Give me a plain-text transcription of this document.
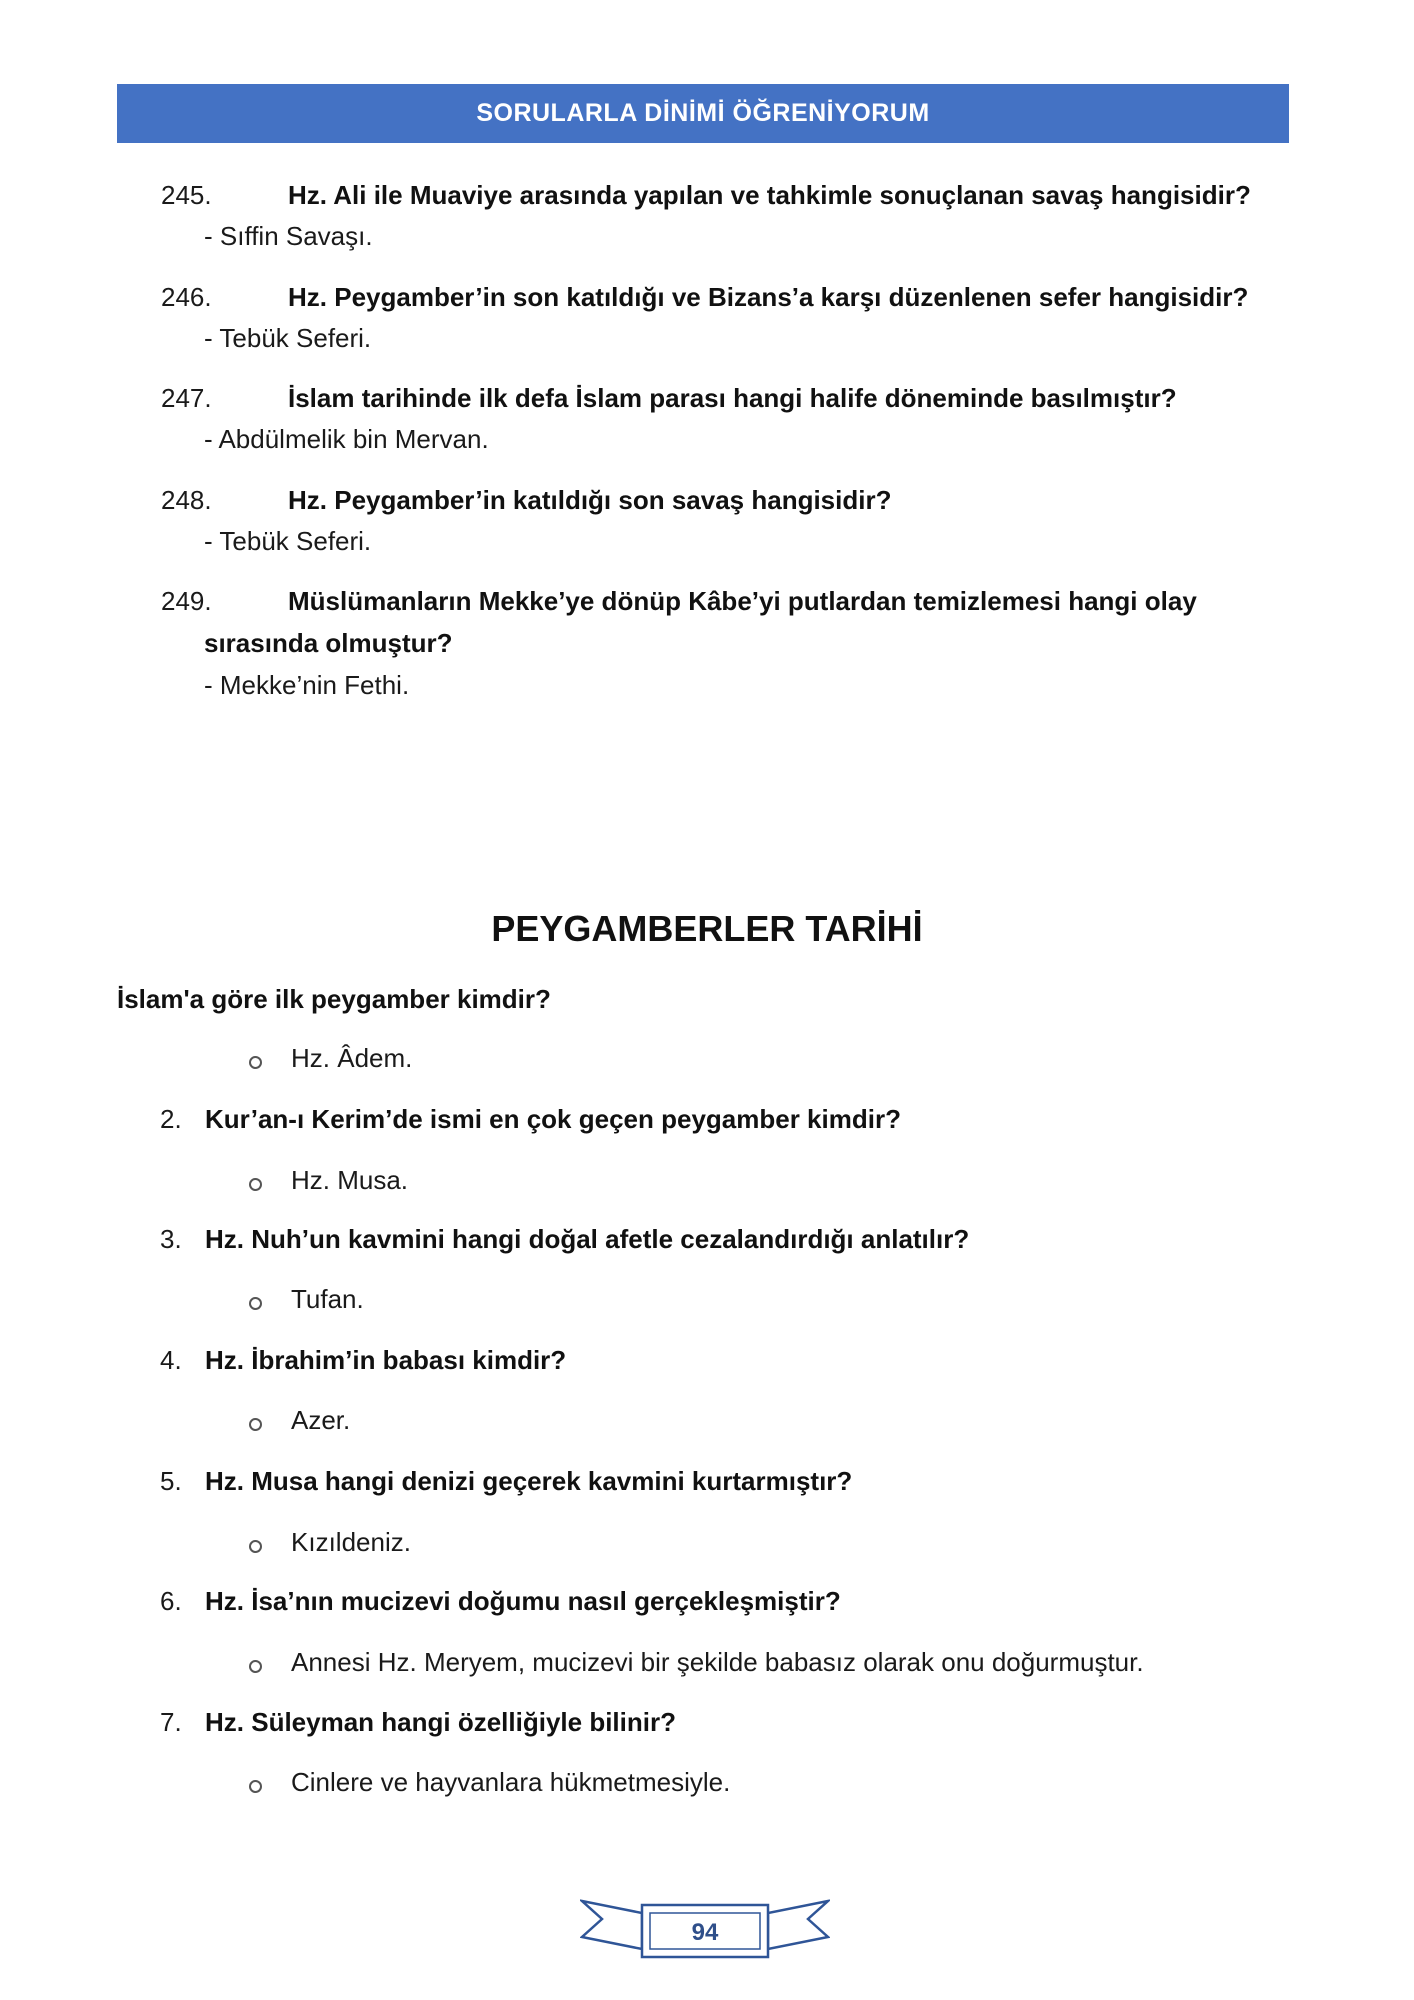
SORULARLA DİNİMİ ÖĞRENİYORUM
245.	Hz. Ali ile Muaviye arasında yapılan ve tahkimle sonuçlanan savaş hangisidir?
- Sıffin Savaşı.
246.	Hz. Peygamber’in son katıldığı ve Bizans’a karşı düzenlenen sefer hangisidir?
- Tebük Seferi.
247.	İslam tarihinde ilk defa İslam parası hangi halife döneminde basılmıştır?
- Abdülmelik bin Mervan.
248.	Hz. Peygamber’in katıldığı son savaş hangisidir?
- Tebük Seferi.
249.	Müslümanların Mekke’ye dönüp Kâbe’yi putlardan temizlemesi hangi olay
sırasında olmuştur?
- Mekke’nin Fethi.
PEYGAMBERLER TARİHİ
İslam'a göre ilk peygamber kimdir?
Hz. Âdem.
2. Kur’an-ı Kerim’de ismi en çok geçen peygamber kimdir?
Hz. Musa.
3. Hz. Nuh’un kavmini hangi doğal afetle cezalandırdığı anlatılır?
Tufan.
4. Hz. İbrahim’in babası kimdir?
Azer.
5. Hz. Musa hangi denizi geçerek kavmini kurtarmıştır?
Kızıldeniz.
6. Hz. İsa’nın mucizevi doğumu nasıl gerçekleşmiştir?
Annesi Hz. Meryem, mucizevi bir şekilde babasız olarak onu doğurmuştur.
7. Hz. Süleyman hangi özelliğiyle bilinir?
Cinlere ve hayvanlara hükmetmesiyle.
94
